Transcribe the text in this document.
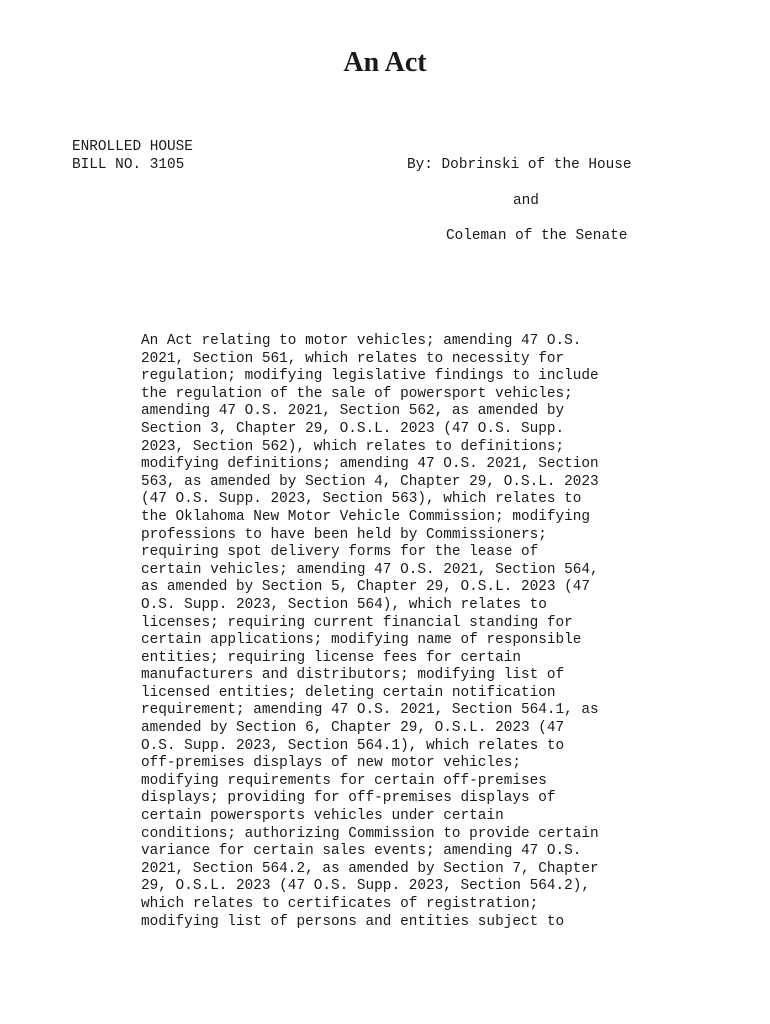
An Act
ENROLLED HOUSE
BILL NO. 3105	By: Dobrinski of the House
and
Coleman of the Senate
An Act relating to motor vehicles; amending 47 O.S.
2021, Section 561, which relates to necessity for
regulation; modifying legislative findings to include
the regulation of the sale of powersport vehicles;
amending 47 O.S. 2021, Section 562, as amended by
Section 3, Chapter 29, O.S.L. 2023 (47 O.S. Supp.
2023, Section 562), which relates to definitions;
modifying definitions; amending 47 O.S. 2021, Section
563, as amended by Section 4, Chapter 29, O.S.L. 2023
(47 O.S. Supp. 2023, Section 563), which relates to
the Oklahoma New Motor Vehicle Commission; modifying
professions to have been held by Commissioners;
requiring spot delivery forms for the lease of
certain vehicles; amending 47 O.S. 2021, Section 564,
as amended by Section 5, Chapter 29, O.S.L. 2023 (47
O.S. Supp. 2023, Section 564), which relates to
licenses; requiring current financial standing for
certain applications; modifying name of responsible
entities; requiring license fees for certain
manufacturers and distributors; modifying list of
licensed entities; deleting certain notification
requirement; amending 47 O.S. 2021, Section 564.1, as
amended by Section 6, Chapter 29, O.S.L. 2023 (47
O.S. Supp. 2023, Section 564.1), which relates to
off-premises displays of new motor vehicles;
modifying requirements for certain off-premises
displays; providing for off-premises displays of
certain powersports vehicles under certain
conditions; authorizing Commission to provide certain
variance for certain sales events; amending 47 O.S.
2021, Section 564.2, as amended by Section 7, Chapter
29, O.S.L. 2023 (47 O.S. Supp. 2023, Section 564.2),
which relates to certificates of registration;
modifying list of persons and entities subject to
